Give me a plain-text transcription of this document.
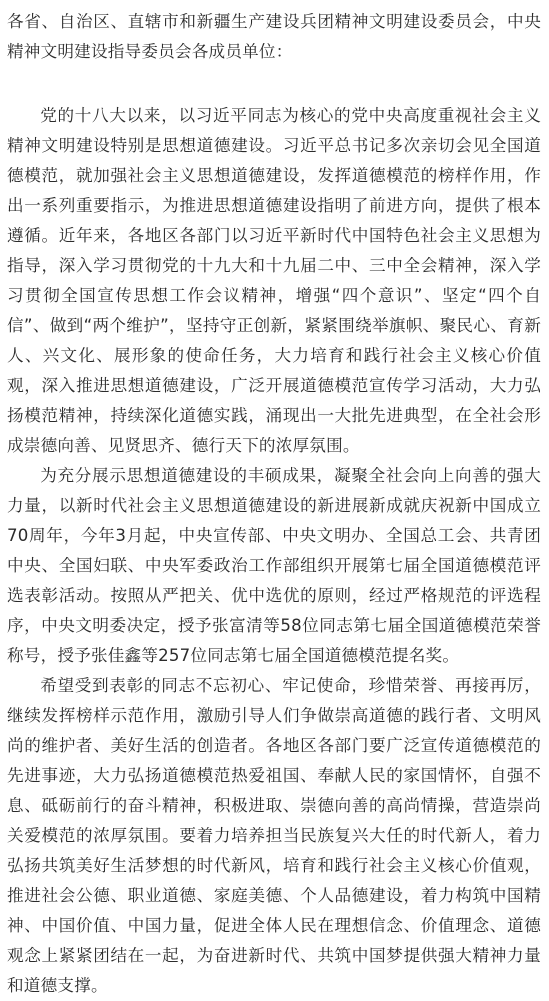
各省、自治区、直辖市和新疆生产建设兵团精神文明建设委员会，中央精神文明建设指导委员会各成员单位：

党的十八大以来，以习近平同志为核心的党中央高度重视社会主义精神文明建设特别是思想道德建设。习近平总书记多次亲切会见全国道德模范，就加强社会主义思想道德建设，发挥道德模范的榜样作用，作出一系列重要指示，为推进思想道德建设指明了前进方向，提供了根本遵循。近年来，各地区各部门以习近平新时代中国特色社会主义思想为指导，深入学习贯彻党的十九大和十九届二中、三中全会精神，深入学习贯彻全国宣传思想工作会议精神，增强“四个意识”、坚定“四个自信”、做到“两个维护”，坚持守正创新，紧紧围绕举旗帜、聚民心、育新人、兴文化、展形象的使命任务，大力培育和践行社会主义核心价值观，深入推进思想道德建设，广泛开展道德模范宣传学习活动，大力弘扬模范精神，持续深化道德实践，涌现出一大批先进典型，在全社会形成崇德向善、见贤思齐、德行天下的浓厚氛围。

为充分展示思想道德建设的丰硕成果，凝聚全社会向上向善的强大力量，以新时代社会主义思想道德建设的新进展新成就庆祝新中国成立70周年，今年3月起，中央宣传部、中央文明办、全国总工会、共青团中央、全国妇联、中央军委政治工作部组织开展第七届全国道德模范评选表彰活动。按照从严把关、优中选优的原则，经过严格规范的评选程序，中央文明委决定，授予张富清等58位同志第七届全国道德模范荣誉称号，授予张佳鑫等257位同志第七届全国道德模范提名奖。

希望受到表彰的同志不忘初心、牢记使命，珍惜荣誉、再接再厉，继续发挥榜样示范作用，激励引导人们争做崇高道德的践行者、文明风尚的维护者、美好生活的创造者。各地区各部门要广泛宣传道德模范的先进事迹，大力弘扬道德模范热爱祖国、奉献人民的家国情怀，自强不息、砥砺前行的奋斗精神，积极进取、崇德向善的高尚情操，营造崇尚关爱模范的浓厚氛围。要着力培养担当民族复兴大任的时代新人，着力弘扬共筑美好生活梦想的时代新风，培育和践行社会主义核心价值观，推进社会公德、职业道德、家庭美德、个人品德建设，着力构筑中国精神、中国价值、中国力量，促进全体人民在理想信念、价值理念、道德观念上紧紧团结在一起，为奋进新时代、共筑中国梦提供强大精神力量和道德支撑。
